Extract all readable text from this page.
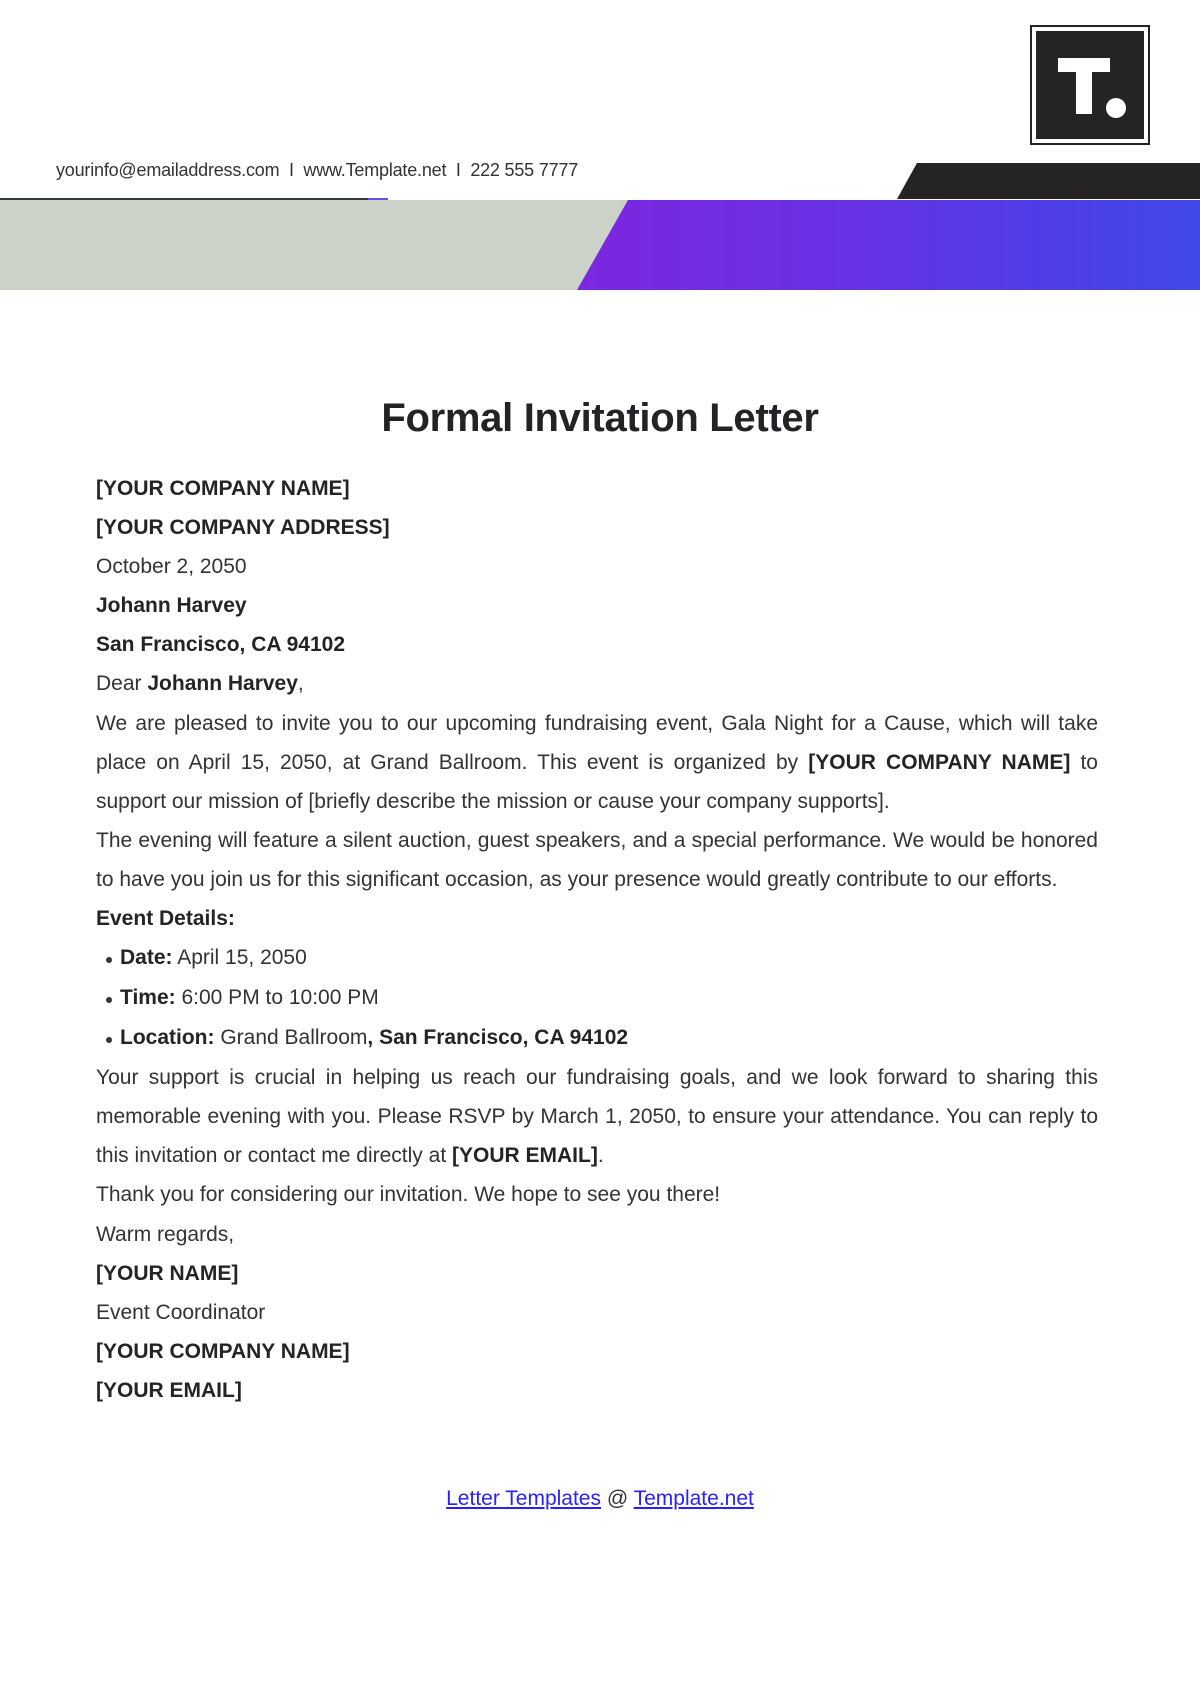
yourinfo@emailaddress.com I www.Template.net I 222 555 7777
Formal Invitation Letter

[YOUR COMPANY NAME]

[YOUR COMPANY ADDRESS]

October 2, 2050

Johann Harvey

San Francisco, CA 94102

Dear Johann Harvey,

We are pleased to invite you to our upcoming fundraising event, Gala Night for a Cause, which will take place on April 15, 2050, at Grand Ballroom. This event is organized by [YOUR COMPANY NAME] to support our mission of [briefly describe the mission or cause your company supports].

The evening will feature a silent auction, guest speakers, and a special performance. We would be honored to have you join us for this significant occasion, as your presence would greatly contribute to our efforts.

Event Details:

Date: April 15, 2050
Time: 6:00 PM to 10:00 PM
Location: Grand Ballroom, San Francisco, CA 94102

Your support is crucial in helping us reach our fundraising goals, and we look forward to sharing this memorable evening with you. Please RSVP by March 1, 2050, to ensure your attendance. You can reply to this invitation or contact me directly at [YOUR EMAIL].

Thank you for considering our invitation. We hope to see you there!

Warm regards,

[YOUR NAME]

Event Coordinator

[YOUR COMPANY NAME]

[YOUR EMAIL]

Letter Templates @ Template.net
